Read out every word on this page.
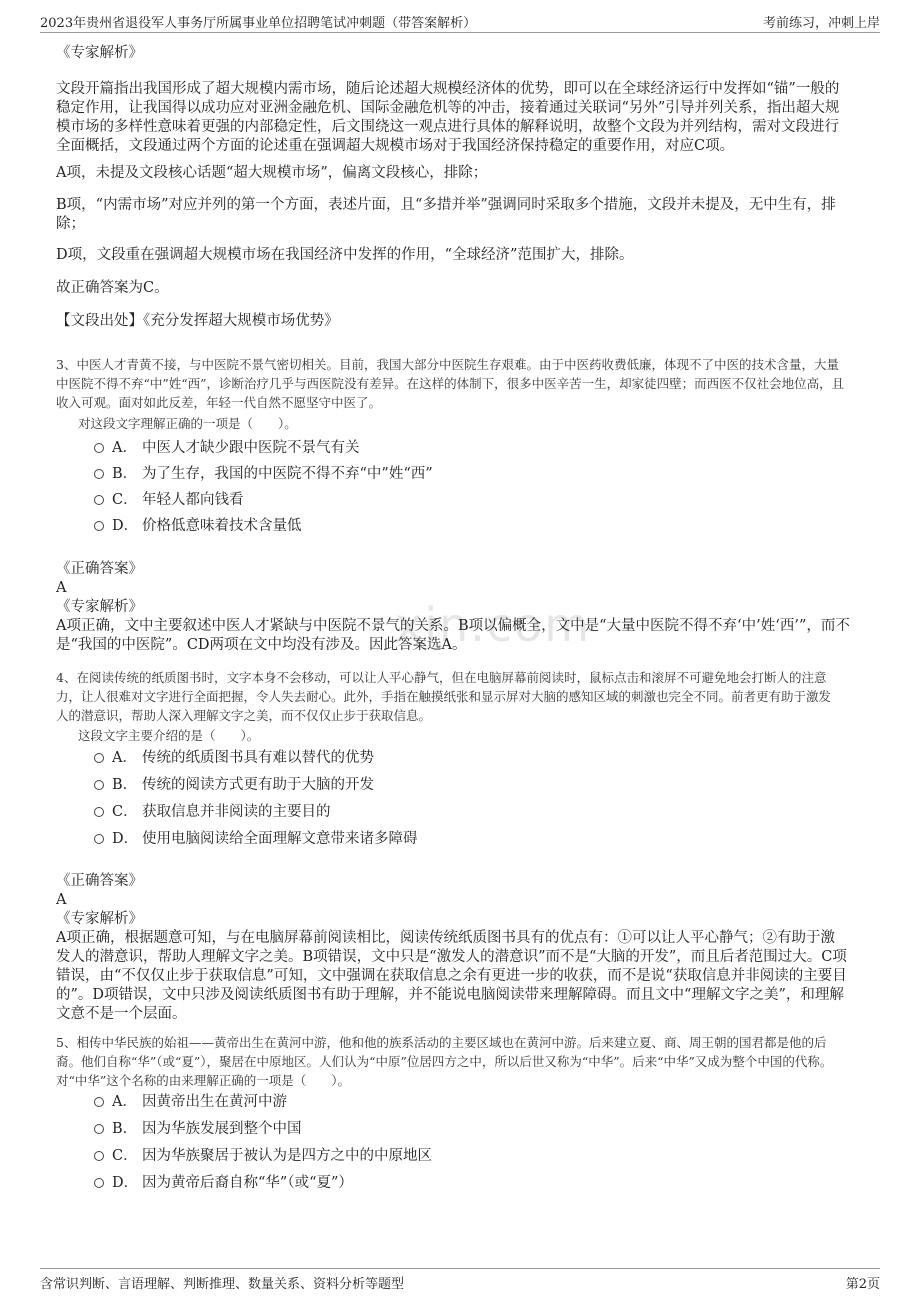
2023年贵州省退役军人事务厅所属事业单位招聘笔试冲刺题（带答案解析）	考前练习，冲刺上岸
xin.com
《专家解析》
文段开篇指出我国形成了超大规模内需市场，随后论述超大规模经济体的优势，即可以在全球经济运行中发挥如“锚”一般的
稳定作用，让我国得以成功应对亚洲金融危机、国际金融危机等的冲击，接着通过关联词“另外”引导并列关系，指出超大规
模市场的多样性意味着更强的内部稳定性，后文围绕这一观点进行具体的解释说明，故整个文段为并列结构，需对文段进行
全面概括，文段通过两个方面的论述重在强调超大规模市场对于我国经济保持稳定的重要作用，对应C项。
A项，未提及文段核心话题“超大规模市场”，偏离文段核心，排除；
B项，“内需市场”对应并列的第一个方面，表述片面，且“多措并举”强调同时采取多个措施，文段并未提及，无中生有，排
除；
D项，文段重在强调超大规模市场在我国经济中发挥的作用，“全球经济”范围扩大，排除。
故正确答案为C。
【文段出处】《充分发挥超大规模市场优势》
3、中医人才青黄不接，与中医院不景气密切相关。目前，我国大部分中医院生存艰难。由于中医药收费低廉，体现不了中医的技术含量，大量
中医院不得不弃“中”姓“西”，诊断治疗几乎与西医院没有差异。在这样的体制下，很多中医辛苦一生，却家徒四壁；而西医不仅社会地位高，且
收入可观。面对如此反差，年轻一代自然不愿坚守中医了。
对这段文字理解正确的一项是（　　）。
A． 中医人才缺少跟中医院不景气有关
B． 为了生存，我国的中医院不得不弃“中”姓“西”
C． 年轻人都向钱看
D． 价格低意味着技术含量低
《正确答案》
A
《专家解析》
A项正确，文中主要叙述中医人才紧缺与中医院不景气的关系。B项以偏概全，文中是“大量中医院不得不弃‘中’姓‘西’”，而不
是“我国的中医院”。CD两项在文中均没有涉及。因此答案选A。
4、在阅读传统的纸质图书时，文字本身不会移动，可以让人平心静气，但在电脑屏幕前阅读时，鼠标点击和滚屏不可避免地会打断人的注意
力，让人很难对文字进行全面把握，令人失去耐心。此外，手指在触摸纸张和显示屏对大脑的感知区域的刺激也完全不同。前者更有助于激发
人的潜意识，帮助人深入理解文字之美，而不仅仅止步于获取信息。
这段文字主要介绍的是（　　）。
A． 传统的纸质图书具有难以替代的优势
B． 传统的阅读方式更有助于大脑的开发
C． 获取信息并非阅读的主要目的
D． 使用电脑阅读给全面理解文意带来诸多障碍
《正确答案》
A
《专家解析》
A项正确，根据题意可知，与在电脑屏幕前阅读相比，阅读传统纸质图书具有的优点有：①可以让人平心静气；②有助于激
发人的潜意识，帮助人理解文字之美。B项错误，文中只是“激发人的潜意识”而不是“大脑的开发”，而且后者范围过大。C项
错误，由“不仅仅止步于获取信息”可知，文中强调在获取信息之余有更进一步的收获，而不是说“获取信息并非阅读的主要目
的”。D项错误，文中只涉及阅读纸质图书有助于理解，并不能说电脑阅读带来理解障碍。而且文中“理解文字之美”，和理解
文意不是一个层面。
5、相传中华民族的始祖——黄帝出生在黄河中游，他和他的族系活动的主要区域也在黄河中游。后来建立夏、商、周王朝的国君都是他的后
裔。他们自称“华”（或“夏”），聚居在中原地区。人们认为“中原”位居四方之中，所以后世又称为“中华”。后来“中华”又成为整个中国的代称。
对“中华”这个名称的由来理解正确的一项是（　　）。
A． 因黄帝出生在黄河中游
B． 因为华族发展到整个中国
C． 因为华族聚居于被认为是四方之中的中原地区
D． 因为黄帝后裔自称“华”（或“夏”）
含常识判断、言语理解、判断推理、数量关系、资料分析等题型	第2页
